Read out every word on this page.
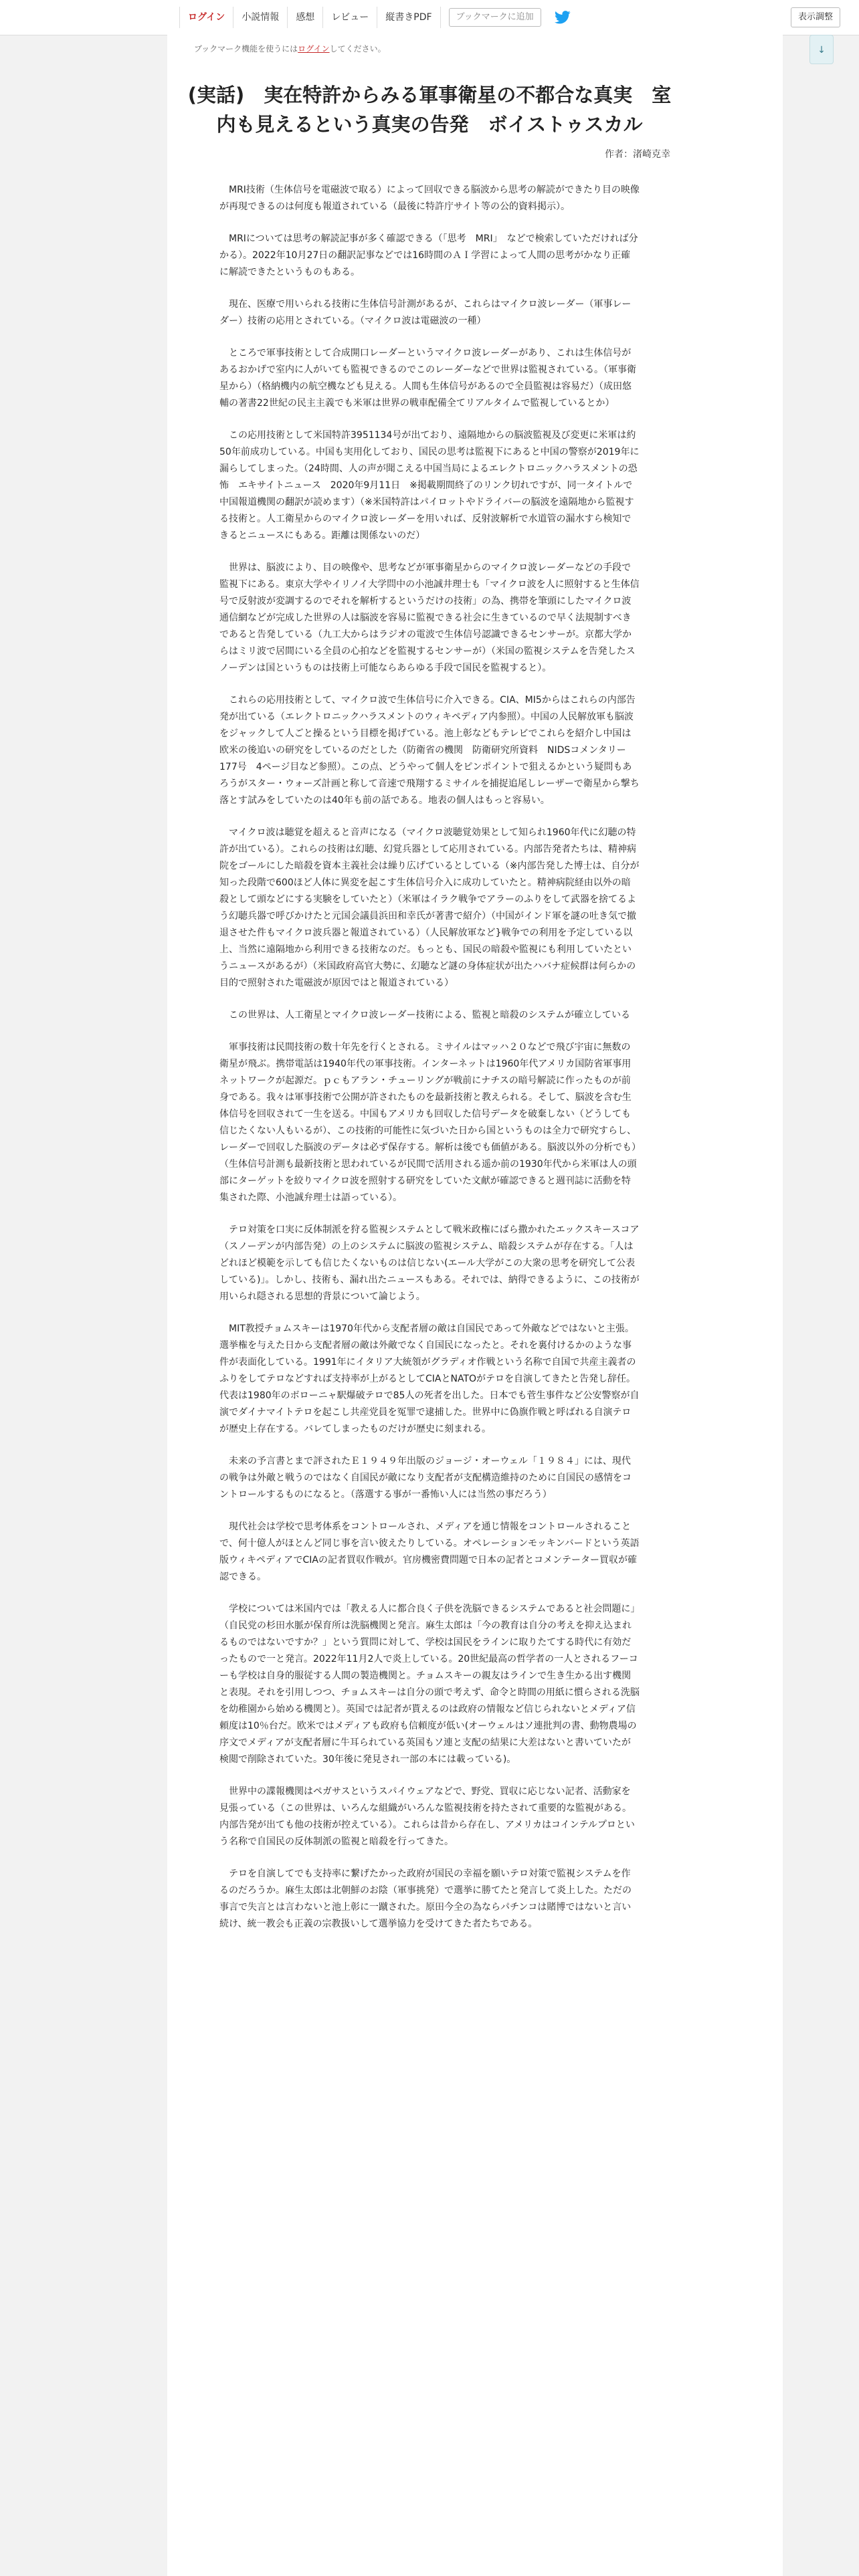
ログイン	小説情報	感想	レビュー	縦書きPDF	ブックマークに追加	表示調整
ブックマーク機能を使うにはログインしてください。	↓
(実話)　実在特許からみる軍事衛星の不都合な真実　室内も見えるという真実の告発　ボイストゥスカル
作者：渚崎克幸

MRI技術（生体信号を電磁波で取る）によって回収できる脳波から思考の解読ができたり目の映像が再現できるのは何度も報道されている（最後に特許庁サイト等の公的資料掲示）。

MRIについては思考の解読記事が多く確認できる（「思考　MRI」　などで検索していただければ分かる）。2022年10月27日の翻訳記事などでは16時間のＡＩ学習によって人間の思考がかなり正確に解読できたというものもある。

現在、医療で用いられる技術に生体信号計測があるが、これらはマイクロ波レーダー（軍事レーダー）技術の応用とされている。（マイクロ波は電磁波の一種）

ところで軍事技術として合成開口レーダーというマイクロ波レーダーがあり、これは生体信号があるおかげで室内に人がいても監視できるのでこのレーダーなどで世界は監視されている。（軍事衛星から）（格納機内の航空機なども見える。人間も生体信号があるので全員監視は容易だ）（成田悠輔の著書22世紀の民主主義でも米軍は世界の戦車配備全てリアルタイムで監視しているとか）

この応用技術として米国特許3951134号が出ており、遠隔地からの脳波監視及び変更に米軍は約50年前成功している。中国も実用化しており、国民の思考は監視下にあると中国の警察が2019年に漏らしてしまった。（24時間、人の声が聞こえる中国当局によるエレクトロニックハラスメントの恐怖　エキサイトニュース　2020年9月11日　※掲載期間終了のリンク切れですが、同一タイトルで中国報道機関の翻訳が読めます）（※米国特許はパイロットやドライバーの脳波を遠隔地から監視する技術と。人工衛星からのマイクロ波レーダーを用いれば、反射波解析で水道管の漏水すら検知できるとニュースにもある。距離は関係ないのだ）

世界は、脳波により、目の映像や、思考などが軍事衛星からのマイクロ波レーダーなどの手段で監視下にある。東京大学やイリノイ大学問中の小池誠井理士も「マイクロ波を人に照射すると生体信号で反射波が変調するのでそれを解析するというだけの技術」の為、携帯を筆頭にしたマイクロ波通信網などが完成した世界の人は脳波を容易に監視できる社会に生きているので早く法規制すべきであると告発している（九工大からはラジオの電波で生体信号認識できるセンサーが。京都大学からはミリ波で居間にいる全員の心拍などを監視するセンサーが）（米国の監視システムを告発したスノーデンは国というものは技術上可能ならあらゆる手段で国民を監視すると）。

これらの応用技術として、マイクロ波で生体信号に介入できる。CIA、MI5からはこれらの内部告発が出ている（エレクトロニックハラスメントのウィキペディア内参照）。中国の人民解放軍も脳波をジャックして人ごと操るという目標を掲げている。池上彰などもテレビでこれらを紹介し中国は欧米の後追いの研究をしているのだとした（防衛省の機関　防衛研究所資料　NIDSコメンタリー177号　4ページ目など参照）。この点、どうやって個人をピンポイントで狙えるかという疑問もあろうがスター・ウォーズ計画と称して音速で飛翔するミサイルを捕捉追尾しレーザーで衛星から撃ち落とす試みをしていたのは40年も前の話である。地表の個人はもっと容易い。

マイクロ波は聴覚を超えると音声になる（マイクロ波聴覚効果として知られ1960年代に幻聴の特許が出ている）。これらの技術は幻聴、幻覚兵器として応用されている。内部告発者たちは、精神病院をゴールにした暗殺を資本主義社会は繰り広げているとしている（※内部告発した博士は、自分が知った段階で600ほど人体に異変を起こす生体信号介入に成功していたと。精神病院経由以外の暗殺として頭などにする実験をしていたと）（米軍はイラク戦争でアラーのふりをして武器を捨てるよう幻聴兵器で呼びかけたと元国会議員浜田和幸氏が著書で紹介）（中国がインド軍を謎の吐き気で撤退させた件もマイクロ波兵器と報道されている）（人民解放軍など}戦争での利用を予定している以上、当然に遠隔地から利用できる技術なのだ。もっとも、国民の暗殺や監視にも利用していたというニュースがあるが）（米国政府高官大勢に、幻聴など謎の身体症状が出たハバナ症候群は何らかの目的で照射された電磁波が原因ではと報道されている）

この世界は、人工衛星とマイクロ波レーダー技術による、監視と暗殺のシステムが確立している

軍事技術は民間技術の数十年先を行くとされる。ミサイルはマッハ２０などで飛び宇宙に無数の衛星が飛ぶ。携帯電話は1940年代の軍事技術。インターネットは1960年代アメリカ国防省軍事用ネットワークが起源だ。ｐｃもアラン・チューリングが戦前にナチスの暗号解読に作ったものが前身である。我々は軍事技術で公開が許されたものを最新技術と教えられる。そして、脳波を含む生体信号を回収されて一生を送る。中国もアメリカも回収した信号データを破棄しない（どうしても信じたくない人もいるが）、この技術的可能性に気づいた日から国というものは全力で研究すらし、レーダーで回収した脳波のデータは必ず保存する。解析は後でも価値がある。脳波以外の分析でも）（生体信号計測も最新技術と思われているが民間で活用される遥か前の1930年代から米軍は人の頭部にターゲットを絞りマイクロ波を照射する研究をしていた文献が確認できると週刊誌に活動を特集された際、小池誠弁理士は語っている）。

テロ対策を口実に反体制派を狩る監視システムとして戦米政権にばら撒かれたエックスキースコア（スノーデンが内部告発）の上のシステムに脳波の監視システム、暗殺システムが存在する。「人はどれほど模範を示しても信じたくないものは信じない(エール大学がこの大衆の思考を研究して公表している)」。しかし、技術も、漏れ出たニュースもある。それでは、納得できるように、この技術が用いられ隠される思想的背景について論じよう。

MIT教授チョムスキーは1970年代から支配者層の敵は自国民であって外敵などではないと主張。選挙権を与えた日から支配者層の敵は外敵でなく自国民になったと。それを裏付けるかのような事件が表面化している。1991年にイタリア大統領がグラディオ作戦という名称で自国で共産主義者のふりをしてテロなどすれば支持率が上がるとしてCIAとNATOがテロを自演してきたと告発し辞任。代表は1980年のボローニャ駅爆破テロで85人の死者を出した。日本でも菅生事件など公安警察が自演でダイナマイトテロを起こし共産党員を冤罪で逮捕した。世界中に偽旗作戦と呼ばれる自演テロが歴史上存在する。バレてしまったものだけが歴史に刻まれる。

未来の予言書とまで評されたＥ１９４９年出版のジョージ・オーウェル「１９８４」には、現代の戦争は外敵と戦うのではなく自国民が敵になり支配者が支配構造維持のために自国民の感情をコントロールするものになると。（落選する事が一番怖い人には当然の事だろう）

現代社会は学校で思考体系をコントロールされ、メディアを通じ情報をコントロールされることで、何十億人がほとんど同じ事を言い彼えたりしている。オペレーションモッキンバードという英語版ウィキペディアでCIAの記者買収作戦が。官房機密費問題で日本の記者とコメンテーター買収が確認できる。

学校については米国内では「教える人に都合良く子供を洗脳できるシステムであると社会問題に」（自民党の杉田水脈が保育所は洗脳機関と発言。麻生太郎は「今の教育は自分の考えを抑え込まれるものではないですか？」という質問に対して、学校は国民をラインに取りたてする時代に有効だったもので一と発言。2022年11月2人で炎上している。20世紀最高の哲学者の一人とされるフーコーも学校は自身的服従する人間の製造機関と。チョムスキーの親友はラインで生き生かる出す機関と表現。それを引用しつつ、チョムスキーは自分の頭で考えず、命令と時間の用紙に慣らされる洗脳を幼稚園から始める機関と）。英国では記者が貰えるのは政府の情報など信じられないとメディア信頼度は10％台だ。欧米ではメディアも政府も信頼度が低い(オーウェルはソ連批判の書、動物農場の序文でメディアが支配者層に牛耳られている英国もソ連と支配の結果に大差はないと書いていたが検閲で削除されていた。30年後に発見され一部の本には載っている)。

世界中の諜報機関はペガサスというスパイウェアなどで、野党、買収に応じない記者、活動家を見張っている（この世界は、いろんな組織がいろんな監視技術を持たされて重要的な監視がある。内部告発が出ても他の技術が控えている）。これらは昔から存在し、アメリカはコインテルプロという名称で自国民の反体制派の監視と暗殺を行ってきた。

テロを自演してでも支持率に繋げたかった政府が国民の幸福を願いテロ対策で監視システムを作るのだろうか。麻生太郎は北朝鮮のお陰（軍事挑発）で選挙に勝てたと発言して炎上した。ただの事言で失言とは言わないと池上彰に一蹴された。原田今全の為ならパチンコは賭博ではないと言い続け、統一教会も正義の宗教扱いして選挙協力を受けてきた者たちである。
